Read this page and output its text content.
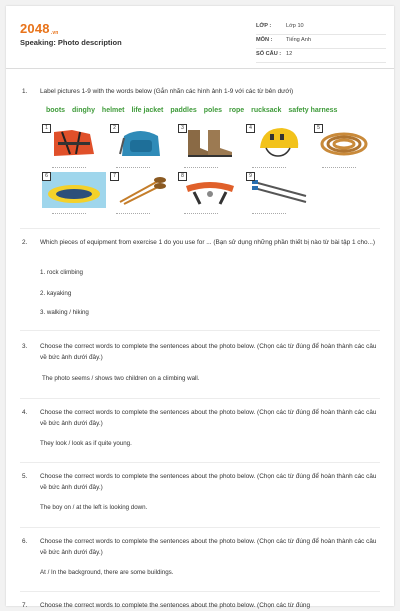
2048.vn
Speaking: Photo description
LỚP :	Lớp 10
MÔN : Tiếng Anh
SỐ CÂU : 12
1. Label pictures 1-9 with the words below (Gắn nhãn các hình ảnh 1-9 với các từ bên dưới)
boots dinghy helmet life jacket paddles poles rope rucksack safety harness
1	2	3	4	5
6	7	8	9
2. Which pieces of equipment from exercise 1 do you use for ... (Bạn sử dụng những phần thiết bị nào từ bài tập 1 cho...)
1. rock climbing
2. kayaking
3. walking / hiking
3. Choose the correct words to complete the sentences about the photo below. (Chọn các từ đúng để hoàn thành các câu về bức ảnh dưới đây.)
The photo seems / shows two children on a climbing wall.
4. Choose the correct words to complete the sentences about the photo below. (Chọn các từ đúng để hoàn thành các câu về bức ảnh dưới đây.)
They look / look as if quite young.
5. Choose the correct words to complete the sentences about the photo below. (Chọn các từ đúng để hoàn thành các câu về bức ảnh dưới đây.)
The boy on / at the left is looking down.
6. Choose the correct words to complete the sentences about the photo below. (Chọn các từ đúng để hoàn thành các câu về bức ảnh dưới đây.)
At / In the background, there are some buildings.
7. Choose the correct words to complete the sentences about the photo below. (Chọn các từ đúng
